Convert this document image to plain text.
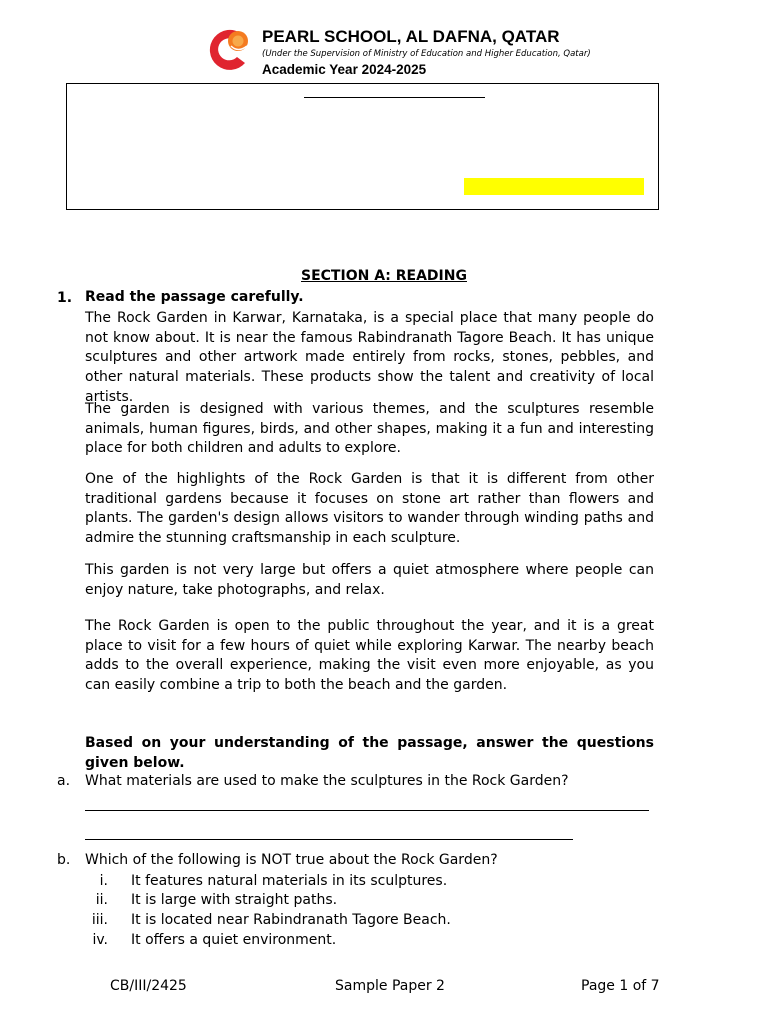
PEARL SCHOOL, AL DAFNA, QATAR
(Under the Supervision of Ministry of Education and Higher Education, Qatar)
Academic Year 2024-2025
SECTION A: READING
1. Read the passage carefully.

The Rock Garden in Karwar, Karnataka, is a special place that many people do not know about. It is near the famous Rabindranath Tagore Beach. It has unique sculptures and other artwork made entirely from rocks, stones, pebbles, and other natural materials. These products show the talent and creativity of local artists.

The garden is designed with various themes, and the sculptures resemble animals, human figures, birds, and other shapes, making it a fun and interesting place for both children and adults to explore.

One of the highlights of the Rock Garden is that it is different from other traditional gardens because it focuses on stone art rather than flowers and plants. The garden's design allows visitors to wander through winding paths and admire the stunning craftsmanship in each sculpture.

This garden is not very large but offers a quiet atmosphere where people can enjoy nature, take photographs, and relax.

The Rock Garden is open to the public throughout the year, and it is a great place to visit for a few hours of quiet while exploring Karwar. The nearby beach adds to the overall experience, making the visit even more enjoyable, as you can easily combine a trip to both the beach and the garden.

Based on your understanding of the passage, answer the questions given below.
a. What materials are used to make the sculptures in the Rock Garden?
b. Which of the following is NOT true about the Rock Garden?
i. It features natural materials in its sculptures.
ii. It is large with straight paths.
iii. It is located near Rabindranath Tagore Beach.
iv. It offers a quiet environment.
CB/III/2425	Sample Paper 2	Page 1 of 7
